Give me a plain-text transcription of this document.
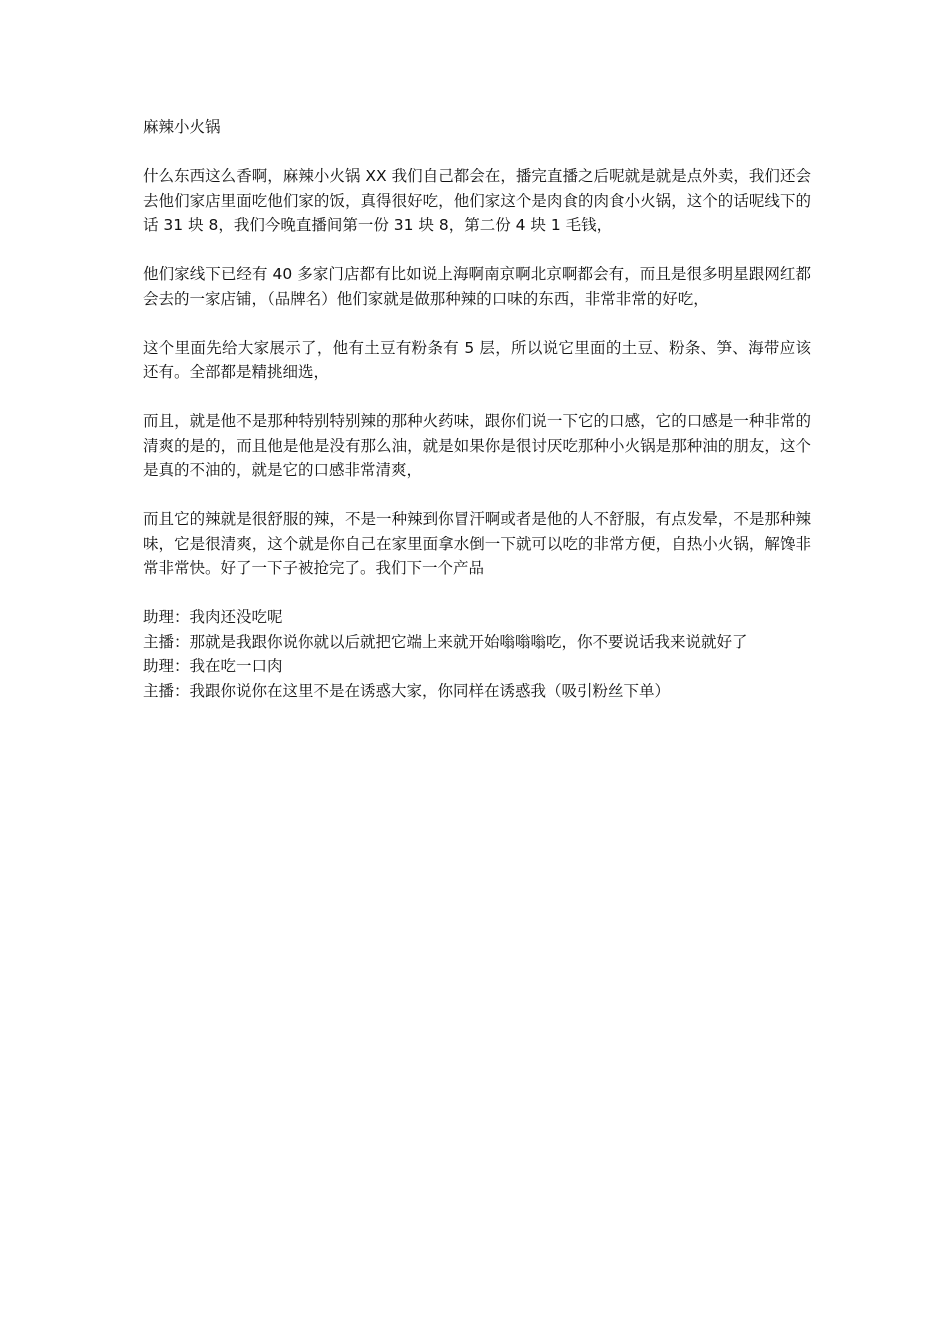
麻辣小火锅

什么东西这么香啊，麻辣小火锅 XX 我们自己都会在，播完直播之后呢就是就是点外卖，我们还会去他们家店里面吃他们家的饭，真得很好吃，他们家这个是肉食的肉食小火锅，这个的话呢线下的话 31 块 8，我们今晚直播间第一份 31 块 8，第二份 4 块 1 毛钱，

他们家线下已经有 40 多家门店都有比如说上海啊南京啊北京啊都会有，而且是很多明星跟网红都会去的一家店铺，（品牌名）他们家就是做那种辣的口味的东西，非常非常的好吃，

这个里面先给大家展示了，他有土豆有粉条有 5 层，所以说它里面的土豆、粉条、笋、海带应该还有。全部都是精挑细选，

而且，就是他不是那种特别特别辣的那种火药味，跟你们说一下它的口感，它的口感是一种非常的清爽的是的，而且他是他是没有那么油，就是如果你是很讨厌吃那种小火锅是那种油的朋友，这个是真的不油的，就是它的口感非常清爽，

而且它的辣就是很舒服的辣，不是一种辣到你冒汗啊或者是他的人不舒服，有点发晕，不是那种辣味，它是很清爽，这个就是你自己在家里面拿水倒一下就可以吃的非常方便，自热小火锅，解馋非常非常快。好了一下子被抢完了。我们下一个产品

助理 ： 我肉还没吃呢
主播 ： 那就是我跟你说你就以后就把它端上来就开始嗡嗡嗡吃，你不要说话我来说就好了
助理 ： 我在吃一口肉
主播 ： 我跟你说你在这里不是在诱惑大家，你同样在诱惑我（吸引粉丝下单）
